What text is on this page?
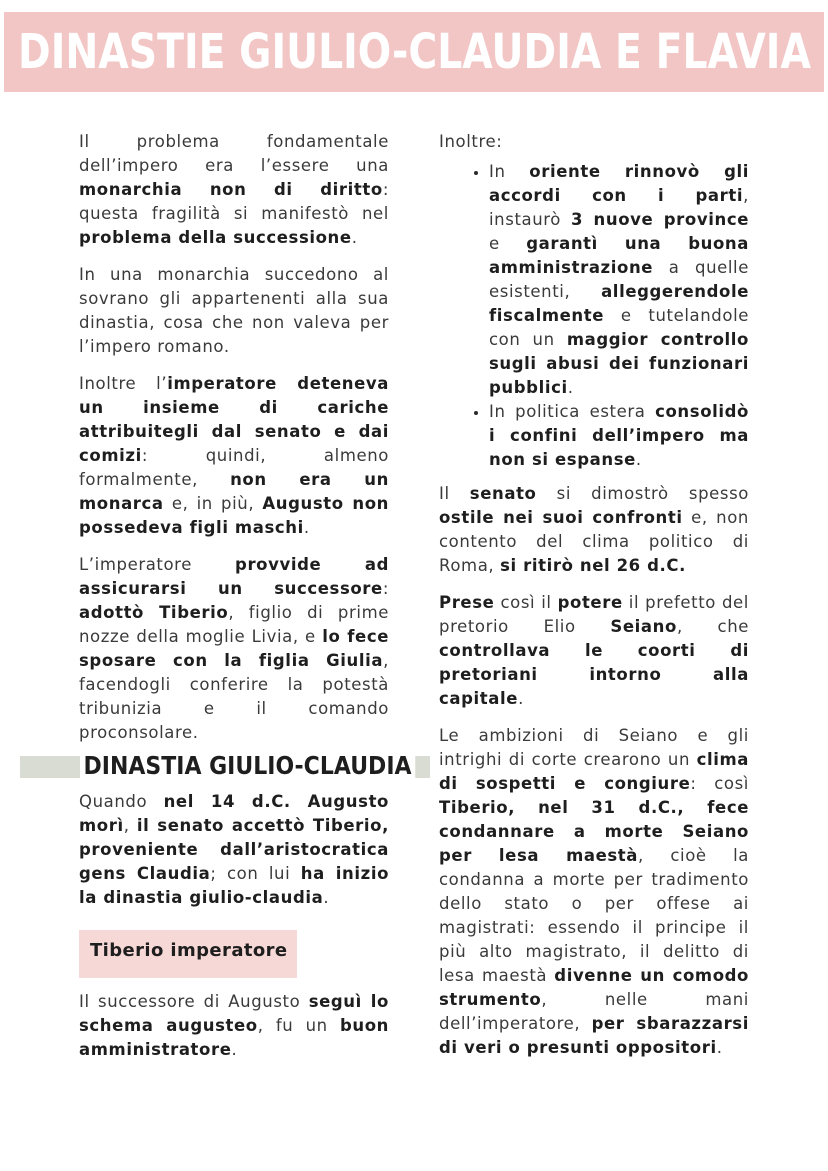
DINASTIE GIULIO-CLAUDIA E FLAVIA

Il problema fondamentale dell’impero era l’essere una monarchia non di diritto: questa fragilità si manifestò nel problema della successione.

In una monarchia succedono al sovrano gli appartenenti alla sua dinastia, cosa che non valeva per l’impero romano.

Inoltre l’imperatore deteneva un insieme di cariche attribuitegli dal senato e dai comizi: quindi, almeno formalmente, non era un monarca e, in più, Augusto non possedeva figli maschi.

L’imperatore provvide ad assicurarsi un successore: adottò Tiberio, figlio di prime nozze della moglie Livia, e lo fece sposare con la figlia Giulia, facendogli conferire la potestà tribunizia e il comando proconsolare.

DINASTIA GIULIO-CLAUDIA

Quando nel 14 d.C. Augusto morì, il senato accettò Tiberio, proveniente dall’aristocratica gens Claudia; con lui ha inizio la dinastia giulio-claudia.

Tiberio imperatore

Il successore di Augusto seguì lo schema augusteo, fu un buon amministratore.

Inoltre:

• In oriente rinnovò gli accordi con i parti, instaurò 3 nuove province e garantì una buona amministrazione a quelle esistenti, alleggerendole fiscalmente e tutelandole con un maggior controllo sugli abusi dei funzionari pubblici.
• In politica estera consolidò i confini dell’impero ma non si espanse.

Il senato si dimostrò spesso ostile nei suoi confronti e, non contento del clima politico di Roma, si ritirò nel 26 d.C.

Prese così il potere il prefetto del pretorio Elio Seiano, che controllava le coorti di pretoriani intorno alla capitale.

Le ambizioni di Seiano e gli intrighi di corte crearono un clima di sospetti e congiure: così Tiberio, nel 31 d.C., fece condannare a morte Seiano per lesa maestà, cioè la condanna a morte per tradimento dello stato o per offese ai magistrati: essendo il principe il più alto magistrato, il delitto di lesa maestà divenne un comodo strumento, nelle mani dell’imperatore, per sbarazzarsi di veri o presunti oppositori.
